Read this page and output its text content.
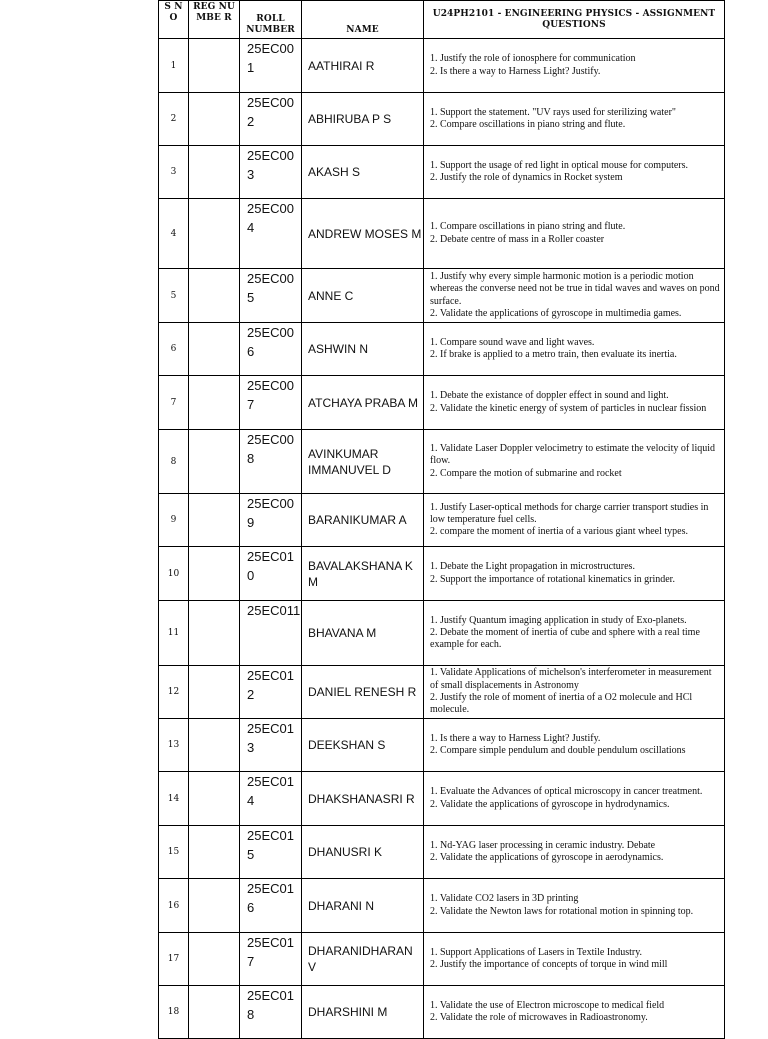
S N O	REG NUMBE R	ROLL NUMBER	NAME	U24PH2101 - ENGINEERING PHYSICS - ASSIGNMENT QUESTIONS
1		25EC001	AATHIRAI R	1. Justify the role of ionosphere for communication
2. Is there a way to Harness Light? Justify.

2		25EC002	ABHIRUBA P S	1. Support the statement. "UV rays used for sterilizing water"
2. Compare oscillations in piano string and flute.

3		25EC003	AKASH S	1. Support the usage of red light in optical mouse for computers.
2. Justify the role of dynamics in Rocket system

4		25EC004	ANDREW MOSES M	1. Compare oscillations in piano string and flute.
2. Debate centre of mass in a Roller coaster

5		25EC005	ANNE C	1. Justify why every simple harmonic motion is a periodic motion whereas the converse need not be true in tidal waves and waves on pond surface.
2. Validate the applications of gyroscope in multimedia games.

6		25EC006	ASHWIN N	1. Compare sound wave and light waves.
2. If brake is applied to a metro train, then evaluate its inertia.

7		25EC007	ATCHAYA PRABA M	1. Debate the existance of doppler effect in sound and light.
2. Validate the kinetic energy of system of particles in nuclear fission

8		25EC008	AVINKUMAR IMMANUVEL D	1. Validate Laser Doppler velocimetry to estimate the velocity of liquid flow.
2. Compare the motion of submarine and rocket

9		25EC009	BARANIKUMAR A	1. Justify Laser-optical methods for charge carrier transport studies in low temperature fuel cells.
2. compare the moment of inertia of a various giant wheel types.

10		25EC010	BAVALAKSHANA K M	1. Debate the Light propagation in microstructures.
2. Support the importance of rotational kinematics in grinder.

11		25EC011	BHAVANA M	1. Justify Quantum imaging application in study of Exo-planets.
2. Debate the moment of inertia of cube and sphere with a real time example for each.

12		25EC012	DANIEL RENESH R	1. Validate Applications of michelson's interferometer in measurement of small displacements in Astronomy
2. Justify the role of moment of inertia of a O2 molecule and HCl molecule.

13		25EC013	DEEKSHAN S	1. Is there a way to Harness Light? Justify.
2. Compare simple pendulum and double pendulum oscillations

14		25EC014	DHAKSHANASRI R	1. Evaluate the Advances of optical microscopy in cancer treatment.
2. Validate the applications of gyroscope in hydrodynamics.

15		25EC015	DHANUSRI K	1. Nd-YAG laser processing in ceramic industry. Debate
2. Validate the applications of gyroscope in aerodynamics.

16		25EC016	DHARANI N	1. Validate CO2 lasers in 3D printing
2. Validate the Newton laws for rotational motion in spinning top.

17		25EC017	DHARANIDHARAN V	1. Support Applications of Lasers in Textile Industry.
2. Justify the importance of concepts of torque in wind mill

18		25EC018	DHARSHINI M	1. Validate the use of Electron microscope to medical field
2. Validate the role of microwaves in Radioastronomy.
